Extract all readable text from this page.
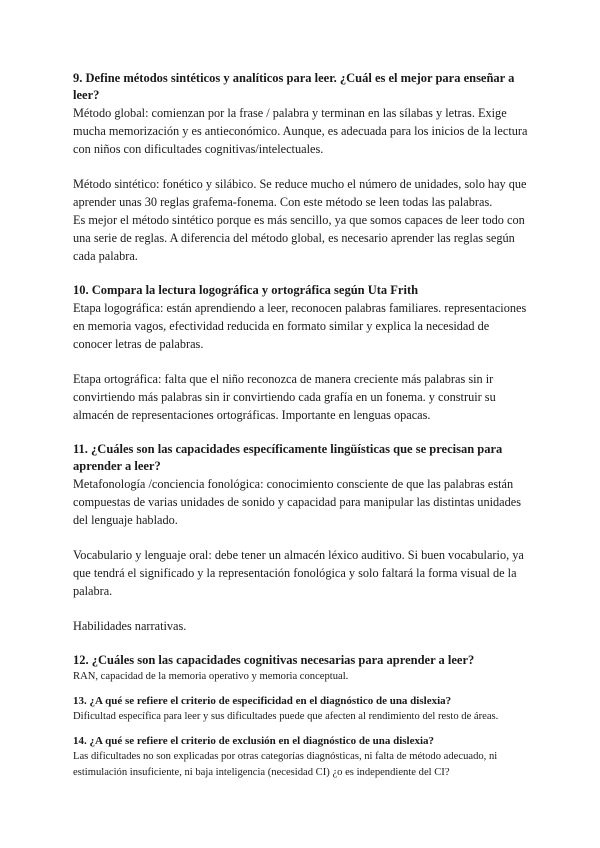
9. Define métodos sintéticos y analíticos para leer. ¿Cuál es el mejor para enseñar a leer?

Método global: comienzan por la frase / palabra y terminan en las sílabas y letras. Exige mucha memorización y es antieconómico. Aunque, es adecuada para los inicios de la lectura con niños con dificultades cognitivas/intelectuales.

Método sintético: fonético y silábico. Se reduce mucho el número de unidades, solo hay que aprender unas 30 reglas grafema-fonema. Con este método se leen todas las palabras.

Es mejor el método sintético porque es más sencillo, ya que somos capaces de leer todo con una serie de reglas. A diferencia del método global, es necesario aprender las reglas según cada palabra.

10. Compara la lectura logográfica y ortográfica según Uta Frith

Etapa logográfica: están aprendiendo a leer, reconocen palabras familiares. representaciones en memoria vagos, efectividad reducida en formato similar y explica la necesidad de conocer letras de palabras.

Etapa ortográfica: falta que el niño reconozca de manera creciente más palabras sin ir convirtiendo más palabras sin ir convirtiendo cada grafía en un fonema. y construir su almacén de representaciones ortográficas. Importante en lenguas opacas.

11. ¿Cuáles son las capacidades específicamente lingüísticas que se precisan para aprender a leer?

Metafonología /conciencia fonológica: conocimiento consciente de que las palabras están compuestas de varias unidades de sonido y capacidad para manipular las distintas unidades del lenguaje hablado.

Vocabulario y lenguaje oral: debe tener un almacén léxico auditivo. Si buen vocabulario, ya que tendrá el significado y la representación fonológica y solo faltará la forma visual de la palabra.

Habilidades narrativas.

12. ¿Cuáles son las capacidades cognitivas necesarias para aprender a leer?

RAN, capacidad de la memoria operativo y memoria conceptual.

13. ¿A qué se refiere el criterio de especificidad en el diagnóstico de una dislexia?

Dificultad específica para leer y sus dificultades puede que afecten al rendimiento del resto de áreas.

14. ¿A qué se refiere el criterio de exclusión en el diagnóstico de una dislexia?

Las dificultades no son explicadas por otras categorías diagnósticas, ni falta de método adecuado, ni estimulación insuficiente, ni baja inteligencia (necesidad CI) ¿o es independiente del CI?
